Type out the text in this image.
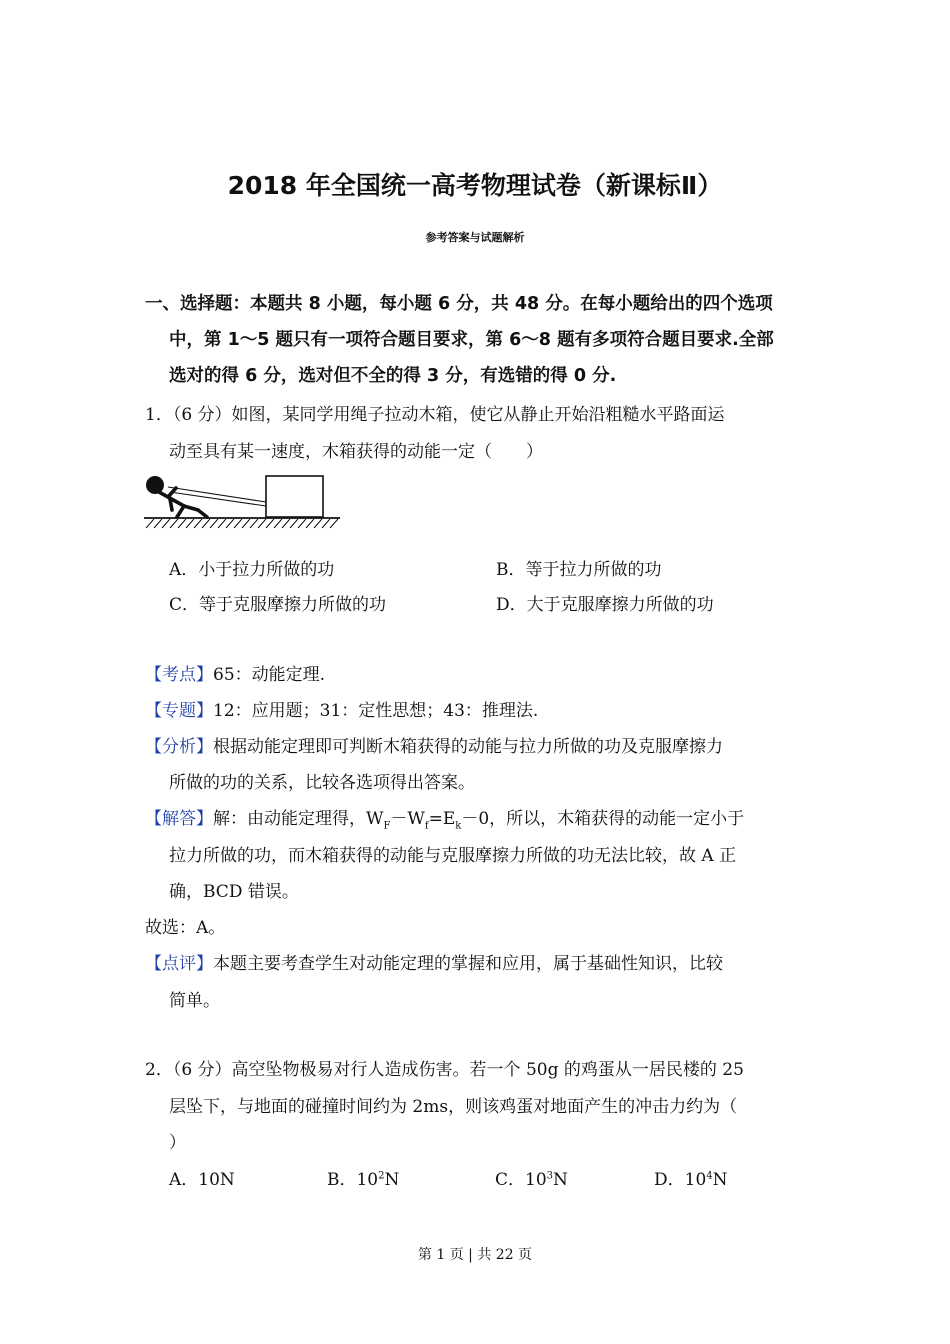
2018 年全国统一高考物理试卷（新课标Ⅱ）
参考答案与试题解析
一、选择题：本题共 8 小题，每小题 6 分，共 48 分。在每小题给出的四个选项
中，第 1～5 题只有一项符合题目要求，第 6～8 题有多项符合题目要求.全部
选对的得 6 分，选对但不全的得 3 分，有选错的得 0 分.
1．（6 分）如图，某同学用绳子拉动木箱，使它从静止开始沿粗糙水平路面运
动至具有某一速度，木箱获得的动能一定（　　）
A．小于拉力所做的功	B．等于拉力所做的功
C．等于克服摩擦力所做的功	D．大于克服摩擦力所做的功
【考点】65：动能定理.
【专题】12：应用题；31：定性思想；43：推理法.
【分析】根据动能定理即可判断木箱获得的动能与拉力所做的功及克服摩擦力
所做的功的关系，比较各选项得出答案。
【解答】解：由动能定理得，$W_F-W_f=E_k-0$，所以，木箱获得的动能一定小于
拉力所做的功，而木箱获得的动能与克服摩擦力所做的功无法比较，故 A 正
确，BCD 错误。
故选：A。
【点评】本题主要考查学生对动能定理的掌握和应用，属于基础性知识，比较
简单。
2．（6 分）高空坠物极易对行人造成伤害。若一个 50g 的鸡蛋从一居民楼的 25
层坠下，与地面的碰撞时间约为 2ms，则该鸡蛋对地面产生的冲击力约为（
）
A．10N	B．$10^2N$	C．$10^3N$	D．$10^4N$
第 1 页 | 共 22 页
